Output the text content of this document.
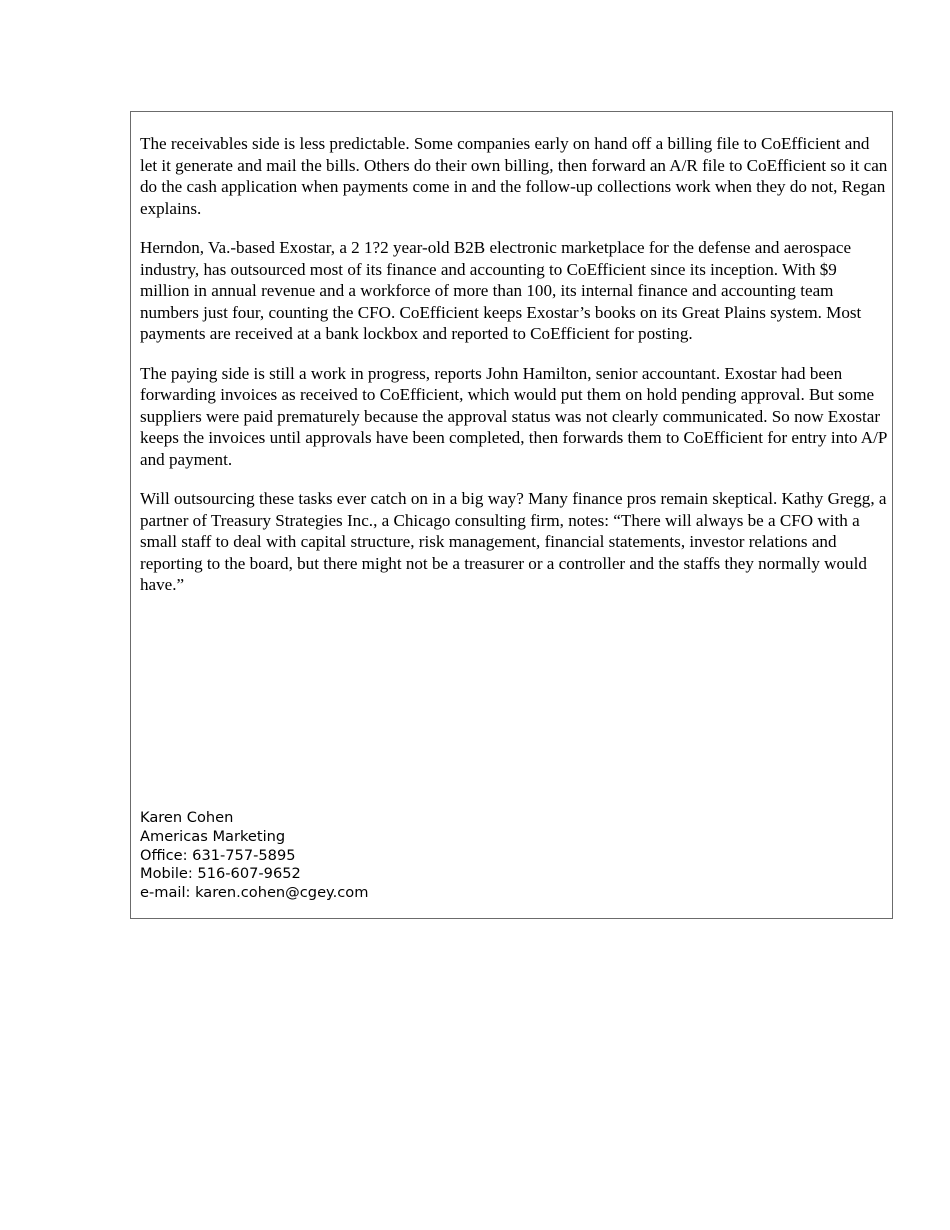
The receivables side is less predictable. Some companies early on hand off a billing file to CoEfficient and let it generate and mail the bills. Others do their own billing, then forward an A/R file to CoEfficient so it can do the cash application when payments come in and the follow-up collections work when they do not, Regan explains.

Herndon, Va.-based Exostar, a 2 1?2 year-old B2B electronic marketplace for the defense and aerospace industry, has outsourced most of its finance and accounting to CoEfficient since its inception. With $9 million in annual revenue and a workforce of more than 100, its internal finance and accounting team numbers just four, counting the CFO. CoEfficient keeps Exostar’s books on its Great Plains system. Most payments are received at a bank lockbox and reported to CoEfficient for posting.

The paying side is still a work in progress, reports John Hamilton, senior accountant. Exostar had been forwarding invoices as received to CoEfficient, which would put them on hold pending approval. But some suppliers were paid prematurely because the approval status was not clearly communicated. So now Exostar keeps the invoices until approvals have been completed, then forwards them to CoEfficient for entry into A/P and payment.

Will outsourcing these tasks ever catch on in a big way? Many finance pros remain skeptical. Kathy Gregg, a partner of Treasury Strategies Inc., a Chicago consulting firm, notes: “There will always be a CFO with a small staff to deal with capital structure, risk management, financial statements, investor relations and reporting to the board, but there might not be a treasurer or a controller and the staffs they normally would have.”

Karen Cohen
Americas Marketing
Office: 631-757-5895
Mobile: 516-607-9652
e-mail: karen.cohen@cgey.com
